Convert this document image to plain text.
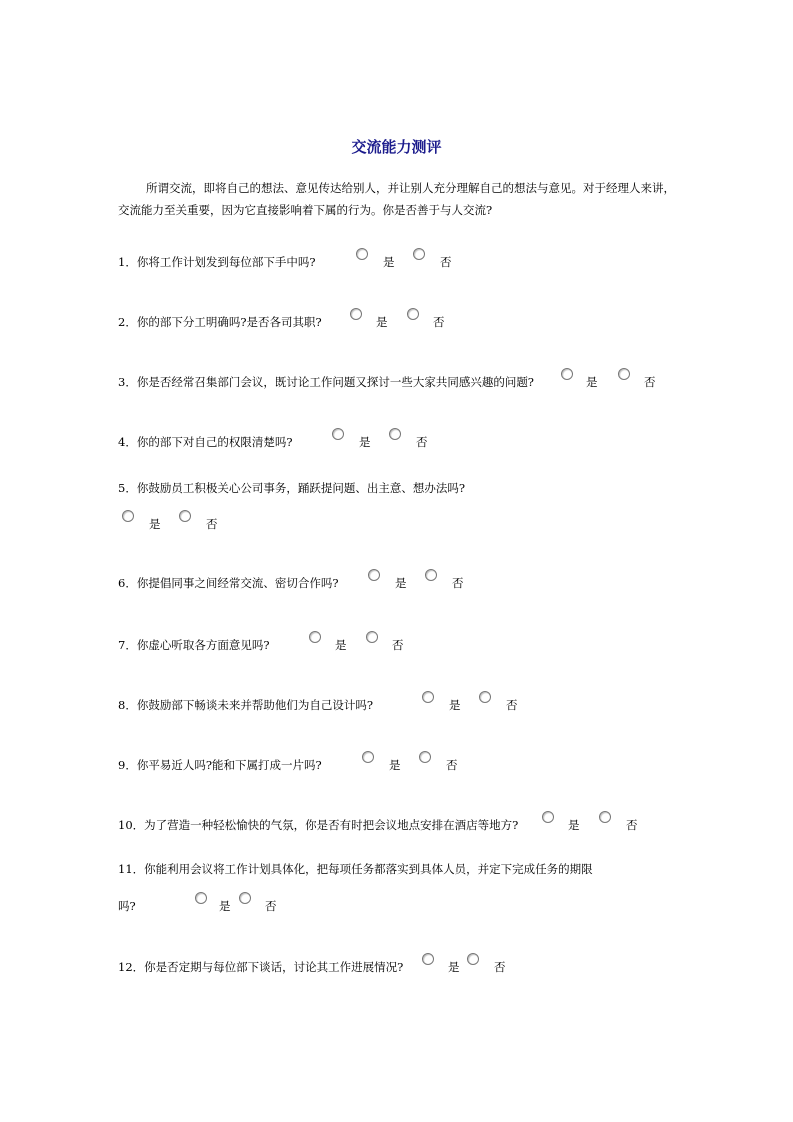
交流能力测评
所谓交流，即将自己的想法、意见传达给别人，并让别人充分理解自己的想法与意见。对于经理人来讲，交流能力至关重要，因为它直接影响着下属的行为。你是否善于与人交流?
1．你将工作计划发到每位部下手中吗?	是	否
2．你的部下分工明确吗?是否各司其职?	是	否
3．你是否经常召集部门会议，既讨论工作问题又探讨一些大家共同感兴趣的问题?	是	否
4．你的部下对自己的权限清楚吗?	是	否
5．你鼓励员工积极关心公司事务，踊跃提问题、出主意、想办法吗?
是	否
6．你提倡同事之间经常交流、密切合作吗?	是	否
7．你虚心听取各方面意见吗?	是	否
8．你鼓励部下畅谈未来并帮助他们为自己设计吗?	是	否
9．你平易近人吗?能和下属打成一片吗?	是	否
10．为了营造一种轻松愉快的气氛，你是否有时把会议地点安排在酒店等地方?	是	否
11．你能利用会议将工作计划具体化，把每项任务都落实到具体人员，并定下完成任务的期限
吗?	是	否
12．你是否定期与每位部下谈话，讨论其工作进展情况?	是	否
